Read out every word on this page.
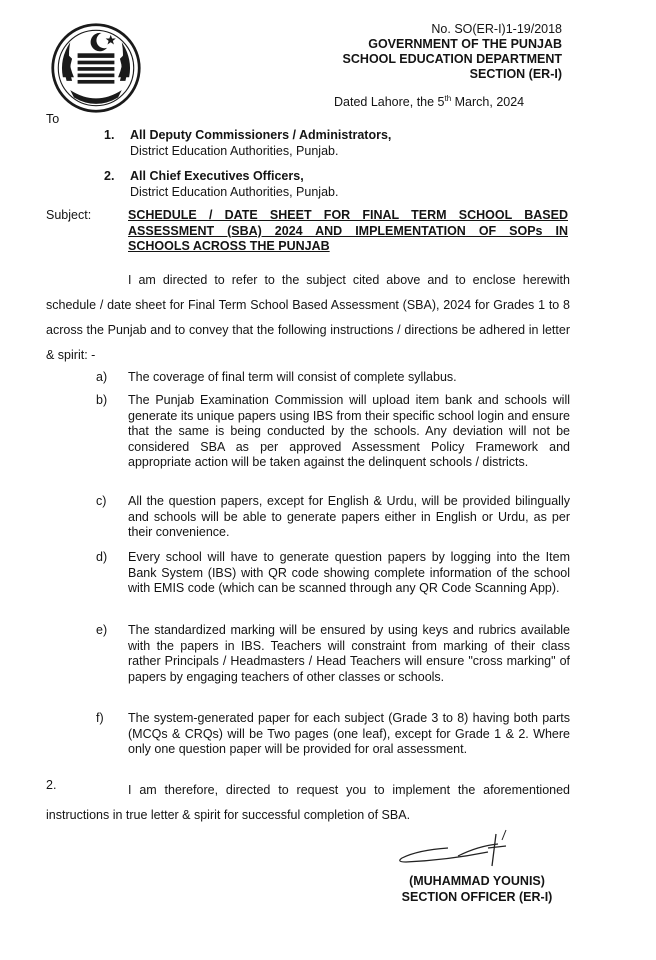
No. SO(ER-I)1-19/2018
GOVERNMENT OF THE PUNJAB
SCHOOL EDUCATION DEPARTMENT
SECTION (ER-I)
Dated Lahore, the 5th March, 2024
To
1. All Deputy Commissioners / Administrators,
District Education Authorities, Punjab.
2. All Chief Executives Officers,
District Education Authorities, Punjab.
Subject:	SCHEDULE / DATE SHEET FOR FINAL TERM SCHOOL BASED
ASSESSMENT (SBA) 2024 AND IMPLEMENTATION OF SOPs IN
SCHOOLS ACROSS THE PUNJAB
I am directed to refer to the subject cited above and to enclose herewith schedule / date sheet for Final Term School Based Assessment (SBA), 2024 for Grades 1 to 8 across the Punjab and to convey that the following instructions / directions be adhered in letter & spirit: -
a) The coverage of final term will consist of complete syllabus.
b) The Punjab Examination Commission will upload item bank and schools will generate its unique papers using IBS from their specific school login and ensure that the same is being conducted by the schools. Any deviation will not be considered SBA as per approved Assessment Policy Framework and appropriate action will be taken against the delinquent schools / districts.
c) All the question papers, except for English & Urdu, will be provided bilingually and schools will be able to generate papers either in English or Urdu, as per their convenience.
d) Every school will have to generate question papers by logging into the Item Bank System (IBS) with QR code showing complete information of the school with EMIS code (which can be scanned through any QR Code Scanning App).
e) The standardized marking will be ensured by using keys and rubrics available with the papers in IBS. Teachers will constraint from marking of their class rather Principals / Headmasters / Head Teachers will ensure "cross marking" of papers by engaging teachers of other classes or schools.
f) The system-generated paper for each subject (Grade 3 to 8) having both parts (MCQs & CRQs) will be Two pages (one leaf), except for Grade 1 & 2. Where only one question paper will be provided for oral assessment.
2.	I am therefore, directed to request you to implement the aforementioned instructions in true letter & spirit for successful completion of SBA.
(MUHAMMAD YOUNIS)
SECTION OFFICER (ER-I)
